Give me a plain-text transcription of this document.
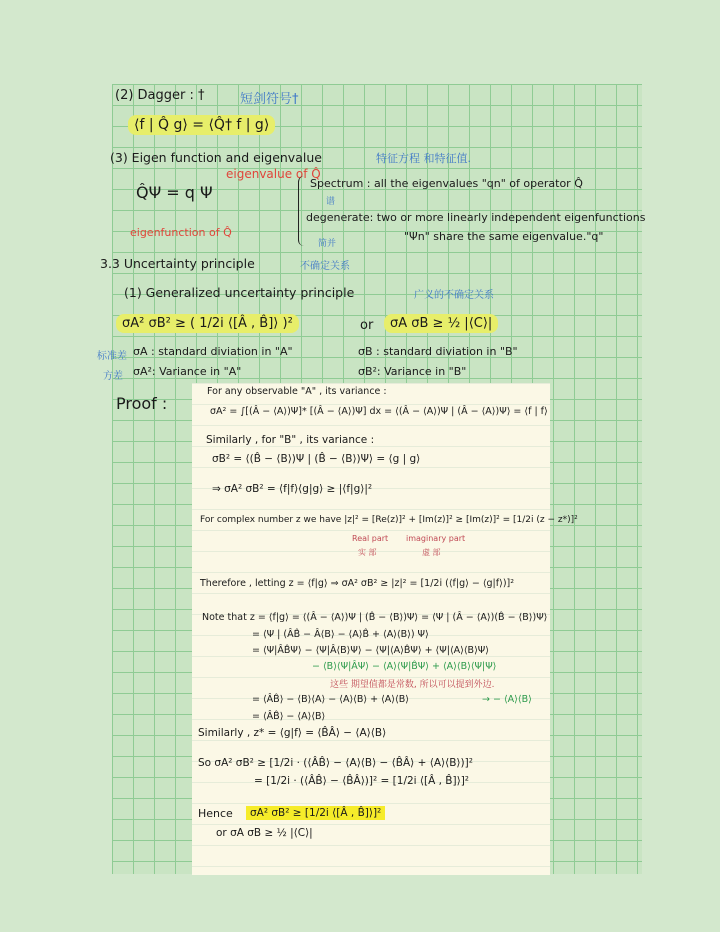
(2) Dagger : †	短剑符号†
⟨f | Q̂ g⟩ = ⟨Q̂† f | g⟩
(3) Eigen function and eigenvalue	特征方程 和特征值.
Q̂Ψ = q Ψ
eigenvalue of Q̂
eigenfunction of Q̂
Spectrum : all the eigenvalues "qn" of operator Q̂
谱
degenerate: two or more linearly independent eigenfunctions
"Ψn" share the same eigenvalue."q"
简并
3.3 Uncertainty principle	不确定关系
(1) Generalized uncertainty principle	广义的不确定关系
σA² σB² ≥ ( 1/2i ⟨[Â , B̂]⟩ )²	or	σA σB ≥ ½ |⟨C⟩|
标准差 σA : standard diviation in "A"
方差 σA²: Variance in "A"
σB : standard diviation in "B"
σB²: Variance in "B"
Proof :
For any observable "A" , its variance :
σA² = ∫[(Â − ⟨A⟩)Ψ]* [(Â − ⟨A⟩)Ψ] dx = ⟨(Â − ⟨A⟩)Ψ | (Â − ⟨A⟩)Ψ⟩ = ⟨f | f⟩
Similarly , for "B" , its variance :
σB² = ⟨(B̂ − ⟨B⟩)Ψ | (B̂ − ⟨B⟩)Ψ⟩ = ⟨g | g⟩
⇒ σA² σB² = ⟨f|f⟩⟨g|g⟩ ≥ |⟨f|g⟩|²
For complex number z we have |z|² = [Re(z)]² + [Im(z)]² ≥ [Im(z)]² = [1/2i (z − z*)]²
Real part imaginary part
实 部	虚 部
Therefore , letting z = ⟨f|g⟩ ⇒ σA² σB² ≥ |z|² = [1/2i (⟨f|g⟩ − ⟨g|f⟩)]²
Note that z = ⟨f|g⟩ = ⟨(Â − ⟨A⟩)Ψ | (B̂ − ⟨B⟩)Ψ⟩ = ⟨Ψ | (Â − ⟨A⟩)(B̂ − ⟨B⟩)Ψ⟩
= ⟨Ψ | (ÂB̂ − Â⟨B⟩ − ⟨A⟩B̂ + ⟨A⟩⟨B⟩) Ψ⟩
= ⟨Ψ|ÂB̂Ψ⟩ − ⟨Ψ|Â⟨B⟩Ψ⟩ − ⟨Ψ|⟨A⟩B̂Ψ⟩ + ⟨Ψ|⟨A⟩⟨B⟩Ψ⟩
− ⟨B⟩⟨Ψ|ÂΨ⟩ − ⟨A⟩⟨Ψ|B̂Ψ⟩ + ⟨A⟩⟨B⟩⟨Ψ|Ψ⟩
这些 期望值都是常数, 所以可以提到外边.
= ⟨ÂB̂⟩ − ⟨B⟩⟨A⟩ − ⟨A⟩⟨B⟩ + ⟨A⟩⟨B⟩	→ − ⟨A⟩⟨B⟩
= ⟨ÂB̂⟩ − ⟨A⟩⟨B⟩
Similarly , z* = ⟨g|f⟩ = ⟨B̂Â⟩ − ⟨A⟩⟨B⟩
So σA² σB² ≥ [1/2i · (⟨ÂB̂⟩ − ⟨A⟩⟨B⟩ − ⟨B̂Â⟩ + ⟨A⟩⟨B⟩)]²
= [1/2i · (⟨ÂB̂⟩ − ⟨B̂Â⟩)]² = [1/2i ⟨[Â , B̂]⟩]²
Hence	σA² σB² ≥ [1/2i ⟨[Â , B̂]⟩]²
or σA σB ≥ ½ |⟨C⟩|
